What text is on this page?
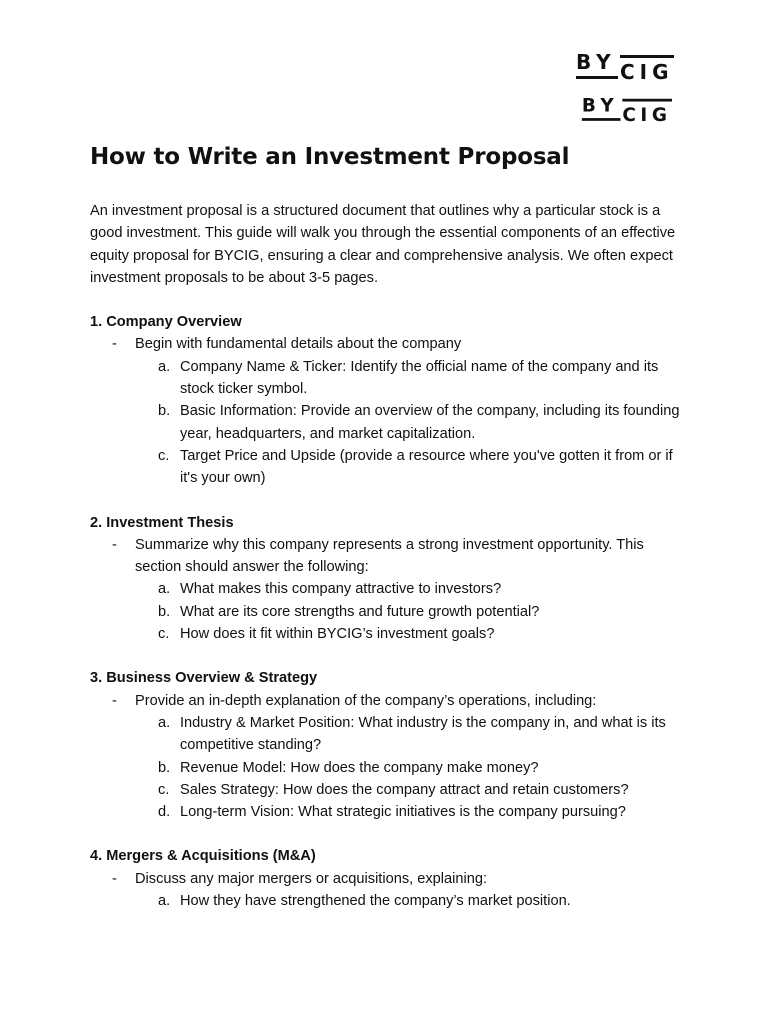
BY CIG
BY CIG
How to Write an Investment Proposal

An investment proposal is a structured document that outlines why a particular stock is a good investment. This guide will walk you through the essential components of an effective equity proposal for BYCIG, ensuring a clear and comprehensive analysis. We often expect investment proposals to be about 3-5 pages.

1. Company Overview
- Begin with fundamental details about the company
a. Company Name & Ticker: Identify the official name of the company and its stock ticker symbol.
b. Basic Information: Provide an overview of the company, including its founding year, headquarters, and market capitalization.
c. Target Price and Upside (provide a resource where you've gotten it from or if it's your own)
2. Investment Thesis
- Summarize why this company represents a strong investment opportunity. This section should answer the following:
a. What makes this company attractive to investors?
b. What are its core strengths and future growth potential?
c. How does it fit within BYCIG’s investment goals?
3. Business Overview & Strategy
- Provide an in-depth explanation of the company’s operations, including:
a. Industry & Market Position: What industry is the company in, and what is its competitive standing?
b. Revenue Model: How does the company make money?
c. Sales Strategy: How does the company attract and retain customers?
d. Long-term Vision: What strategic initiatives is the company pursuing?
4. Mergers & Acquisitions (M&A)
- Discuss any major mergers or acquisitions, explaining:
a. How they have strengthened the company’s market position.
